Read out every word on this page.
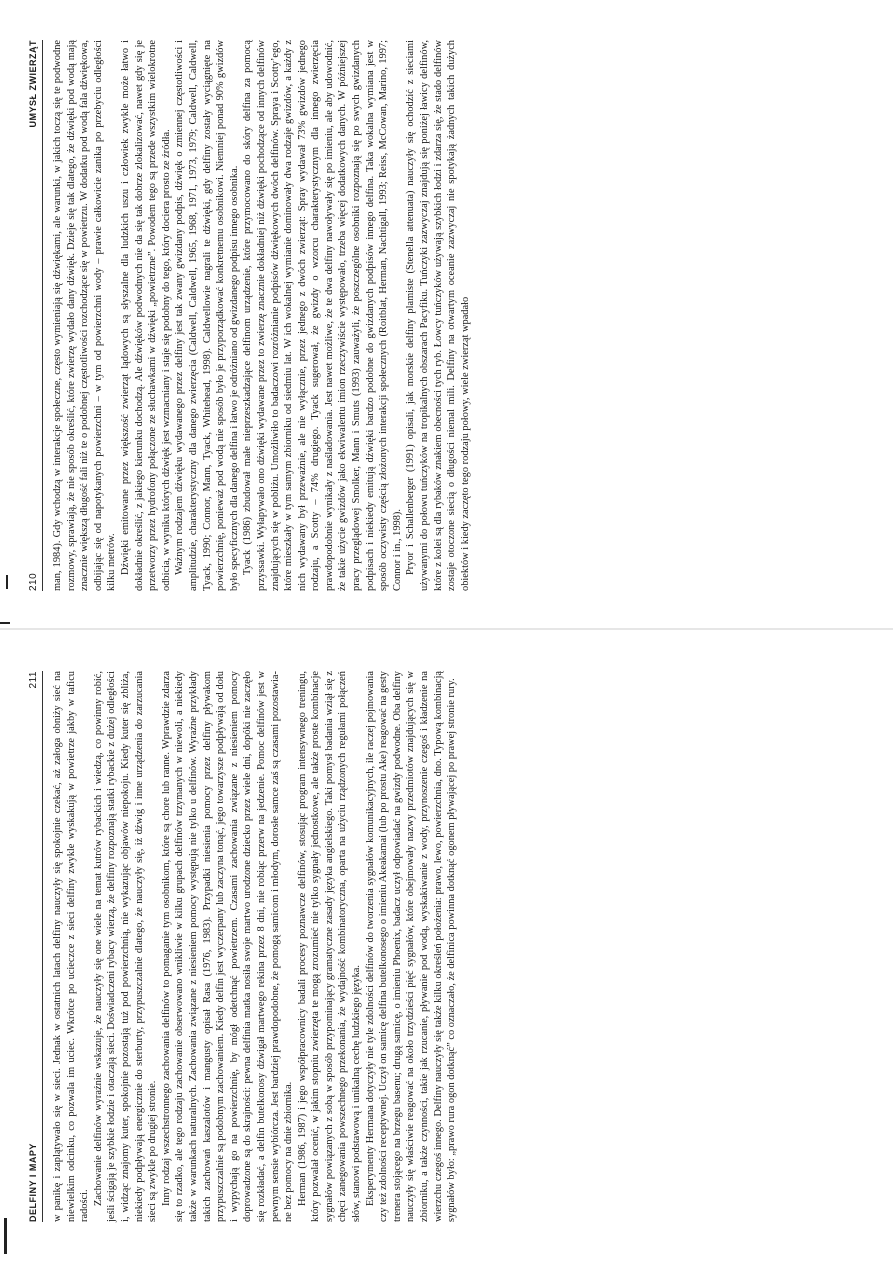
DELFINY I MAPY
211 w panikę i zaplątywało się w sieci. Jednak w ostatnich latach delfiny nauczyły się spokojnie czekać, aż załoga obniży sieć na niewielkim odcinku, co pozwala im uciec. Wkrótce po ucieczce z sieci delfiny zwykle wyskakują w powietrze jakby w taficu radości. Zachowanie delfinów wyraźnie wskazuje, że nauczyły się one wiele na temat kutrów rybackich i wiedzą, co powinny robić, jeśli ścigają je szybkie łodzie i otaczają sieci. Doświadczeni rybacy wierzą, że delfiny rozpoznają statki rybackie z dużej odległości i, widząc znajomy kuter, spokojnie pozostają tuż pod powierzchnią, nie wykazując objawów niepokoju. Kiedy kuter się zbliża, niekiedy podpływają energicznie do sterburty, przypuszczalnie dlatego, że nauczyły się, iż dźwig i inne urządzenia do zarzucania sieci są zwykle po drugiej stronie. Inny rodzaj wszechstronnego zachowania delfinów to pomaganie tym osobnikom, które są chore lub ranne. Wprawdzie zdarza się to rzadko, ale tego rodzaju zachowanie obserwowano wnikliwie w kilku grupach delfinów trzymanych w niewoli, a niekiedy także w warunkach naturalnych. Zachowania związane z niesieniem pomocy występują nie tylko u delfinów. Wyraźne przykłady takich zachowań kaszalotów i mangusty opisał Rasa (1976, 1983). Przypadki niesienia pomocy przez delfiny pływakom przypuszczalnie są podobnym zachowaniem. Kiedy delfin jest wyczerpany lub zaczyna tonąć, jego towarzysze podpływają od dołu i wypychają go na powierzchnię, by mógł odetchnąć powietrzem. Czasami zachowania związane z niesieniem pomocy doprowadzone są do skrajności: pewna delfinia matka nosiła swoje martwo urodzone dziecko przez wiele dni, dopóki nie zaczęło się rozkładać, a delfin butelkonosy dźwigał martwego rekina przez 8 dni, nie robiąc przerw na jedzenie. Pomoc delfinów jest w pewnym sensie wybiórcza. Jest bardziej prawdopodobne, że pomogą samicom i młodym, dorosłe samce zaś są czasami pozostawiane bez pomocy na dnie zbiornika. Herman (1986, 1987) i jego współpracownicy badali procesy poznawcze delfinów, stosując program intensywnego treningu, który pozwalał ocenić, w jakim stopniu zwierzęta te mogą zrozumieć nie tylko sygnały jednostkowe, ale także proste kombinacje sygnałów powiązanych z sobą w sposób przypominający gramatyczne zasady języka angielskiego. Taki pomysł badania wziął się z chęci zanegowania powszechnego przekonania, że wydajność kombinatoryczna, oparta na użyciu rządzonych regułami połączeń słów, stanowi podstawową i unikalną cechę ludzkiego języka. Eksperymenty Hermana dotyczyły nie tyle zdolności delfinów do tworzenia sygnałów komunikacyjnych, ile raczej pojmowania czy też zdolności receptywnej. Uczył on samicę delfina butelkonosego o imieniu Akeakamai (lub po prostu Ake) reagować na gesty trenera stojącego na brzegu basenu; drugą samicę, o imieniu Phoenix, badacz uczył odpowiadać na gwizdy podwodne. Oba delfiny nauczyły się właściwie reagować na około trzydzieści pięć sygnałów, które obejmowały nazwy przedmiotów znajdujących się w zbiorniku, a także czynności, takie jak rzucanie, pływanie pod wodą, wyskakiwanie z wody, przynoszenie czegoś i kładzenie na wierzchu czegoś innego. Delfiny nauczyły się także kilku określeń położenia: prawo, lewo, powierzchnia, dno. Typową kombinacją sygnałów było: „prawo rura ogon dotknąć” co oznaczało, że delfinica powinna dotknąć ogonem pływającej po prawej stronie rury.

210
UMYSŁ ZWIERZĄT man, 1984). Gdy wchodzą w interakcje społeczne, często wymieniają się dźwiękami, ale warunki, w jakich toczą się te podwodne rozmowy, sprawiają, że nie sposób określić, które zwierzę wydało dany dźwięk. Dzieje się tak dlatego, że dźwięki pod wodą mają znacznie większą długość fali niż te o podobnej częstotliwości rozchodzące się w powietrzu. W dodatku pod wodą fala dźwiękowa, odbijając się od napotykanych powierzchni – w tym od powierzchni wody – prawie całkowicie zanika po przebyciu odległości kilku metrów. Dźwięki emitowane przez większość zwierząt lądowych są słyszalne dla ludzkich uszu i człowiek zwykle może łatwo i dokładnie określić, z jakiego kierunku dochodzą. Ale dźwięków podwodnych nie da się tak dobrze zlokalizować, nawet gdy się je przetworzy przez hydrofony połączone ze słuchawkami w dźwięki „powietrzne”. Powodem tego są przede wszystkim wielokrotne odbicia, w wyniku których dźwięk jest wzmacniany i staje się podobny do tego, który dociera prosto ze źródła. Ważnym rodzajem dźwięku wydawanego przez delfiny jest tak zwany gwizdany podpis, dźwięk o zmiennej częstotliwości i amplitudzie, charakterystyczny dla danego zwierzęcia (Caldwell, Caldwell, 1965, 1968, 1971, 1973, 1979; Caldwell, Caldwell, Tyack, 1990; Connor, Mann, Tyack, Whitehead, 1998). Caldwellowie nagrali te dźwięki, gdy delfiny zostały wyciągnięte na powierzchnię, ponieważ pod wodą nie sposób było je przyporządkować konkretnemu osobnikowi. Niemniej ponad 90% gwizdów było specyficznych dla danego delfina i łatwo je odróżniano od gwizdanego podpisu innego osobnika. Tyack (1986) zbudował małe nieprzeszkadzające delfinom urządzenie, które przymocowano do skóry delfina za pomocą przyssawki. Wyłapywało ono dźwięki wydawane przez to zwierzę znacznie dokładniej niż dźwięki pochodzące od innych delfinów znajdujących się w pobliżu. Umożliwiło to badaczowi rozróżnianie podpisów dźwiękowych dwóch delfinów. Spraya i Scotty’ego, które mieszkały w tym samym zbiorniku od siedmiu lat. W ich wokalnej wymianie dominowały dwa rodzaje gwizdów, a każdy z nich wydawany był przeważnie, ale nie wyłącznie, przez jednego z dwóch zwierząt: Spray wydawał 73% gwizdów jednego rodzaju, a Scotty – 74% drugiego. Tyack sugerował, że gwizdy o wzorcu charakterystycznym dla innego zwierzęcia prawdopodobnie wynikały z naśladowania. Jest nawet możliwe, że te dwa delfiny nawoływały się po imieniu, ale aby udowodnić, że takie użycie gwizdów jako ekwiwalentu imion rzeczywiście występowało, trzeba więcej dodatkowych danych. W późniejszej pracy przeglądowej Smolker, Mann i Smuts (1993) zauważyli, że poszczególne osobniki rozpoznają się po swych gwizdanych podpisach i niekiedy emitują dźwięki bardzo podobne do gwizdanych podpisów innego delfina. Taka wokalna wymiana jest w sposób oczywisty częścią złożonych interakcji społecznych (Roitblat, Herman, Nachtigall, 1993; Reiss, McCowan, Marino, 1997; Connor i in., 1998). Pryor i Schallenberger (1991) opisali, jak morskie delfiny plamiste (Stenella attenuata) nauczyły się ochodzić z sieciami używanymi do połowu tuńczyków na tropikalnych obszarach Pacyfiku. Tuńczyki zazwyczaj znajdują się poniżej ławicy delfinów, które z kolei są dla rybaków znakiem obecności tych ryb. Łowcy tuńczyków używają szybkich łodzi i zdarza się, że stado delfinów zostaje otoczone siecią o długości niemal mili. Delfiny na otwartym oceanie zazwyczaj nie spotykają żadnych takich dużych obiektów i kiedy zaczęto tego rodzaju połowy, wiele zwierząt wpadało
